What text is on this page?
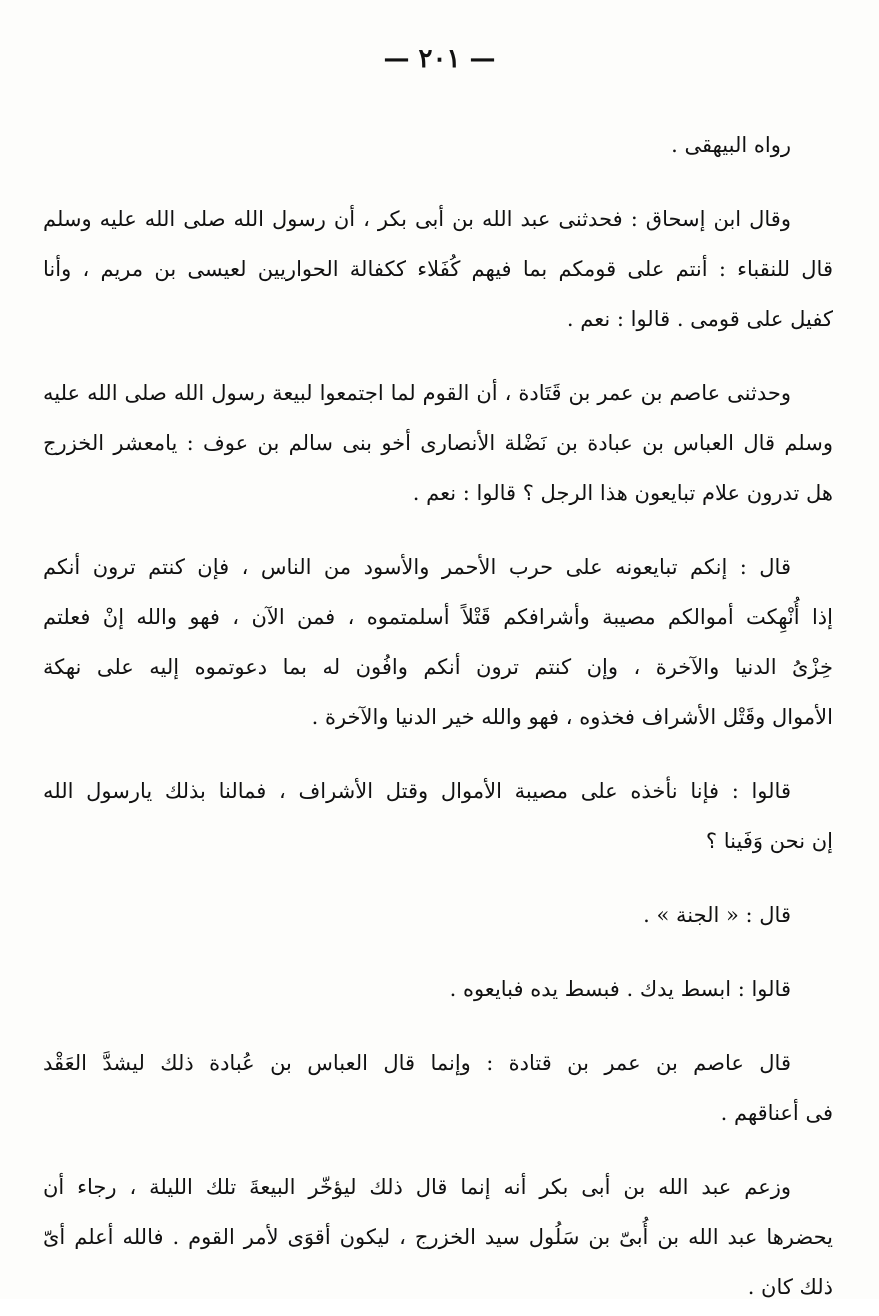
— ٢٠١ —
رواه البيهقى .
وقال ابن إسحاق : فحدثنى عبد الله بن أبى بكر ، أن رسول الله صلى الله عليه وسلم
قال للنقباء : أنتم على قومكم بما فيهم كُفَلاء ككفالة الحواريين لعيسى بن مريم ، وأنا
كفيل على قومى . قالوا : نعم .
وحدثنى عاصم بن عمر بن قَتَادة ، أن القوم لما اجتمعوا لبيعة رسول الله صلى الله عليه
وسلم قال العباس بن عبادة بن نَضْلة الأنصارى أخو بنى سالم بن عوف : يامعشر الخزرج
هل تدرون علام تبايعون هذا الرجل ؟ قالوا : نعم .
قال : إنكم تبايعونه على حرب الأحمر والأسود من الناس ، فإن كنتم ترون أنكم
إذا أُنْهِكت أموالكم مصيبة وأشرافكم قَتْلاً أسلمتموه ، فمن الآن ، فهو والله إنْ فعلتم
خِزْىُ الدنيا والآخرة ، وإن كنتم ترون أنكم وافُون له بما دعوتموه إليه على نهكة
الأموال وقَتْل الأشراف فخذوه ، فهو والله خير الدنيا والآخرة .
قالوا : فإنا نأخذه على مصيبة الأموال وقتل الأشراف ، فمالنا بذلك يارسول الله
إن نحن وَفَينا ؟
قال : « الجنة » .
قالوا : ابسط يدك . فبسط يده فبايعوه .
قال عاصم بن عمر بن قتادة : وإنما قال العباس بن عُبادة ذلك ليشدَّ العَقْد
فى أعناقهم .
وزعم عبد الله بن أبى بكر أنه إنما قال ذلك ليؤخّر البيعةَ تلك الليلة ، رجاء أن
يحضرها عبد الله بن أُبىّ بن سَلُول سيد الخزرج ، ليكون أقوَى لأمر القوم . فالله أعلم أىّ
ذلك كان .
